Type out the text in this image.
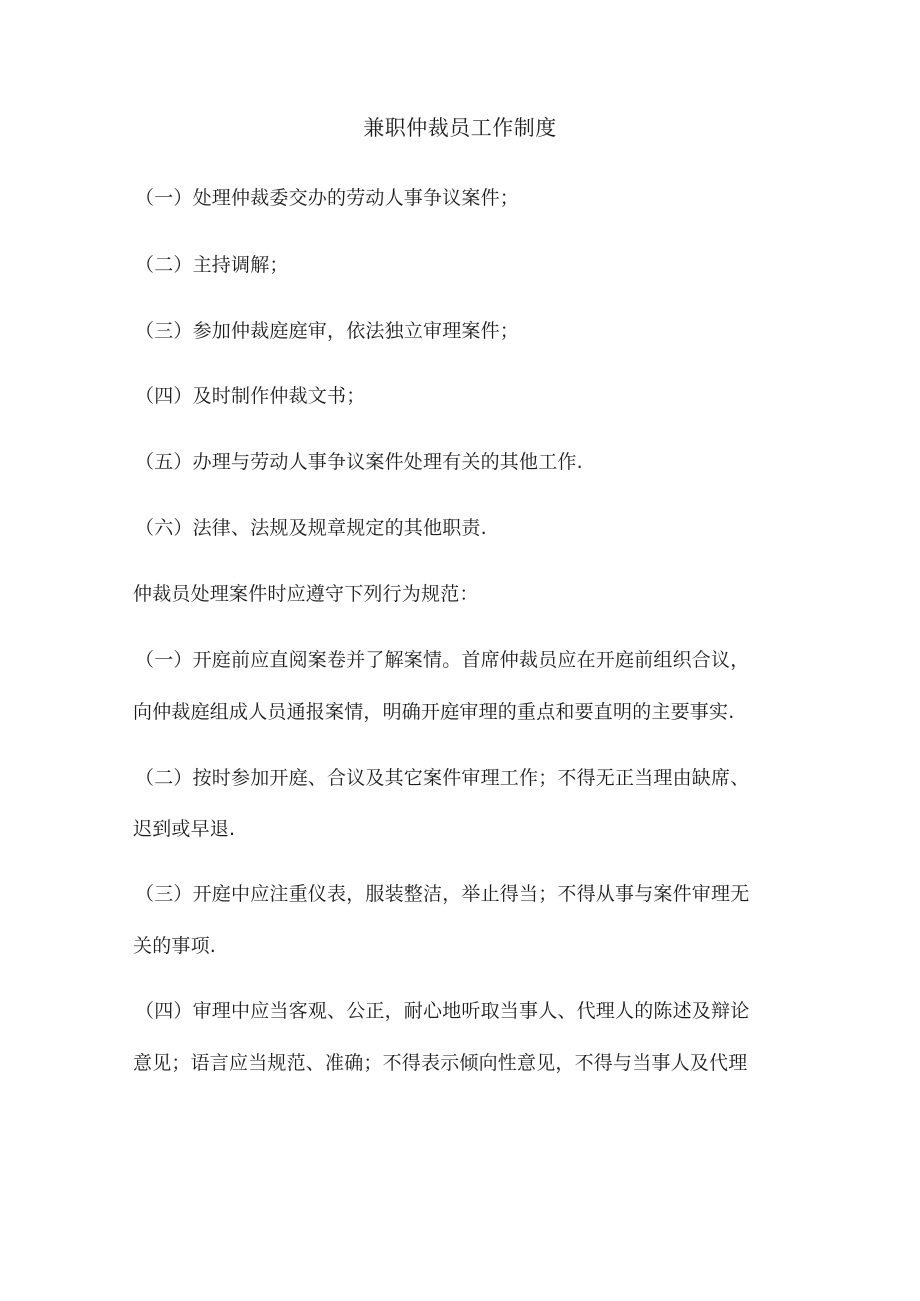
兼职仲裁员工作制度
（一）处理仲裁委交办的劳动人事争议案件；
（二）主持调解；
（三）参加仲裁庭庭审，依法独立审理案件；
（四）及时制作仲裁文书；
（五）办理与劳动人事争议案件处理有关的其他工作.
（六）法律、法规及规章规定的其他职责.
仲裁员处理案件时应遵守下列行为规范：
（一）开庭前应直阅案卷并了解案情。首席仲裁员应在开庭前组织合议，
向仲裁庭组成人员通报案情，明确开庭审理的重点和要直明的主要事实.
（二）按时参加开庭、合议及其它案件审理工作；不得无正当理由缺席、
迟到或早退.
（三）开庭中应注重仪表，服装整洁，举止得当；不得从事与案件审理无
关的事项.
（四）审理中应当客观、公正，耐心地听取当事人、代理人的陈述及辩论
意见；语言应当规范、准确；不得表示倾向性意见，不得与当事人及代理
